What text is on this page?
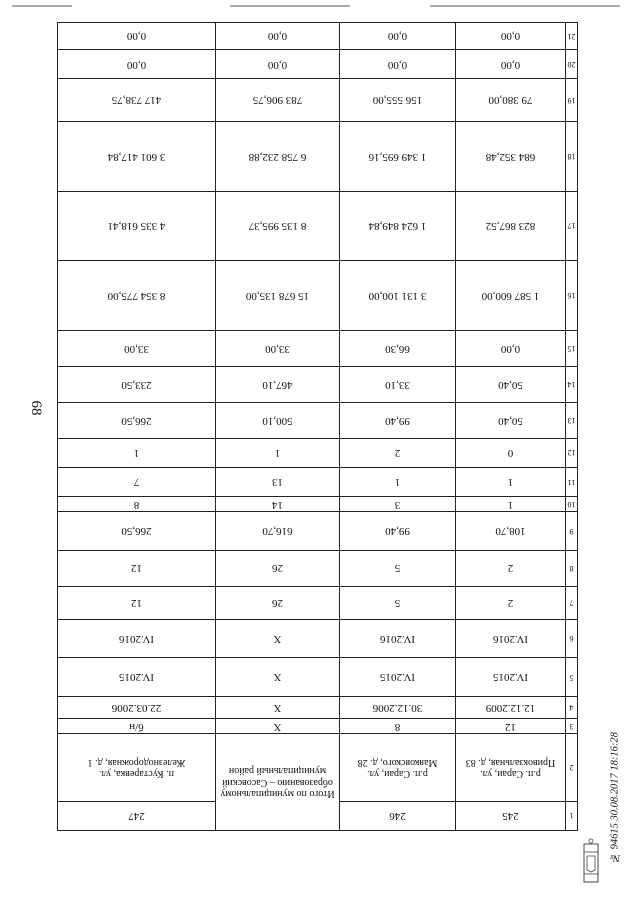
68
1	245	246	Итого по муниципальному образованию – Сасовский муниципальный район	247
2	р.п. Сараи, ул. Привокзальная, д. 83	р.п. Сараи, ул. Маяковского, д. 28		п. Кустаревка, ул. Железнодорожная, д. 1
3	12	8	X	б/н
4	12.12.2009	30.12.2006	X	22.03.2006
5	IV.2015	IV.2015	X	IV.2015
6	IV.2016	IV.2016	X	IV.2016
7	2	5	26	12
8	2	5	26	12
9	108,70	99,40	616,70	266,50
10	1	3	14	8
11	1	1	13	7
12	0	2	1	1
13	50,40	99,40	500,10	266,50
14	50,40	33,10	467,10	233,50
15	0,00	66,30	33,00	33,00
16	1 587 600,00	3 131 100,00	15 678 135,00	8 354 775,00
17	823 867,52	1 624 849,84	8 135 995,37	4 335 618,41
18	684 352,48	1 349 695,16	6 758 232,88	3 601 417,84
19	79 380,00	156 555,00	783 906,75	417 738,75
20	0,00	0,00	0,00	0,00
21	0,00	0,00	0,00	0,00
№ 94615 30.08.2017 18:16:28
